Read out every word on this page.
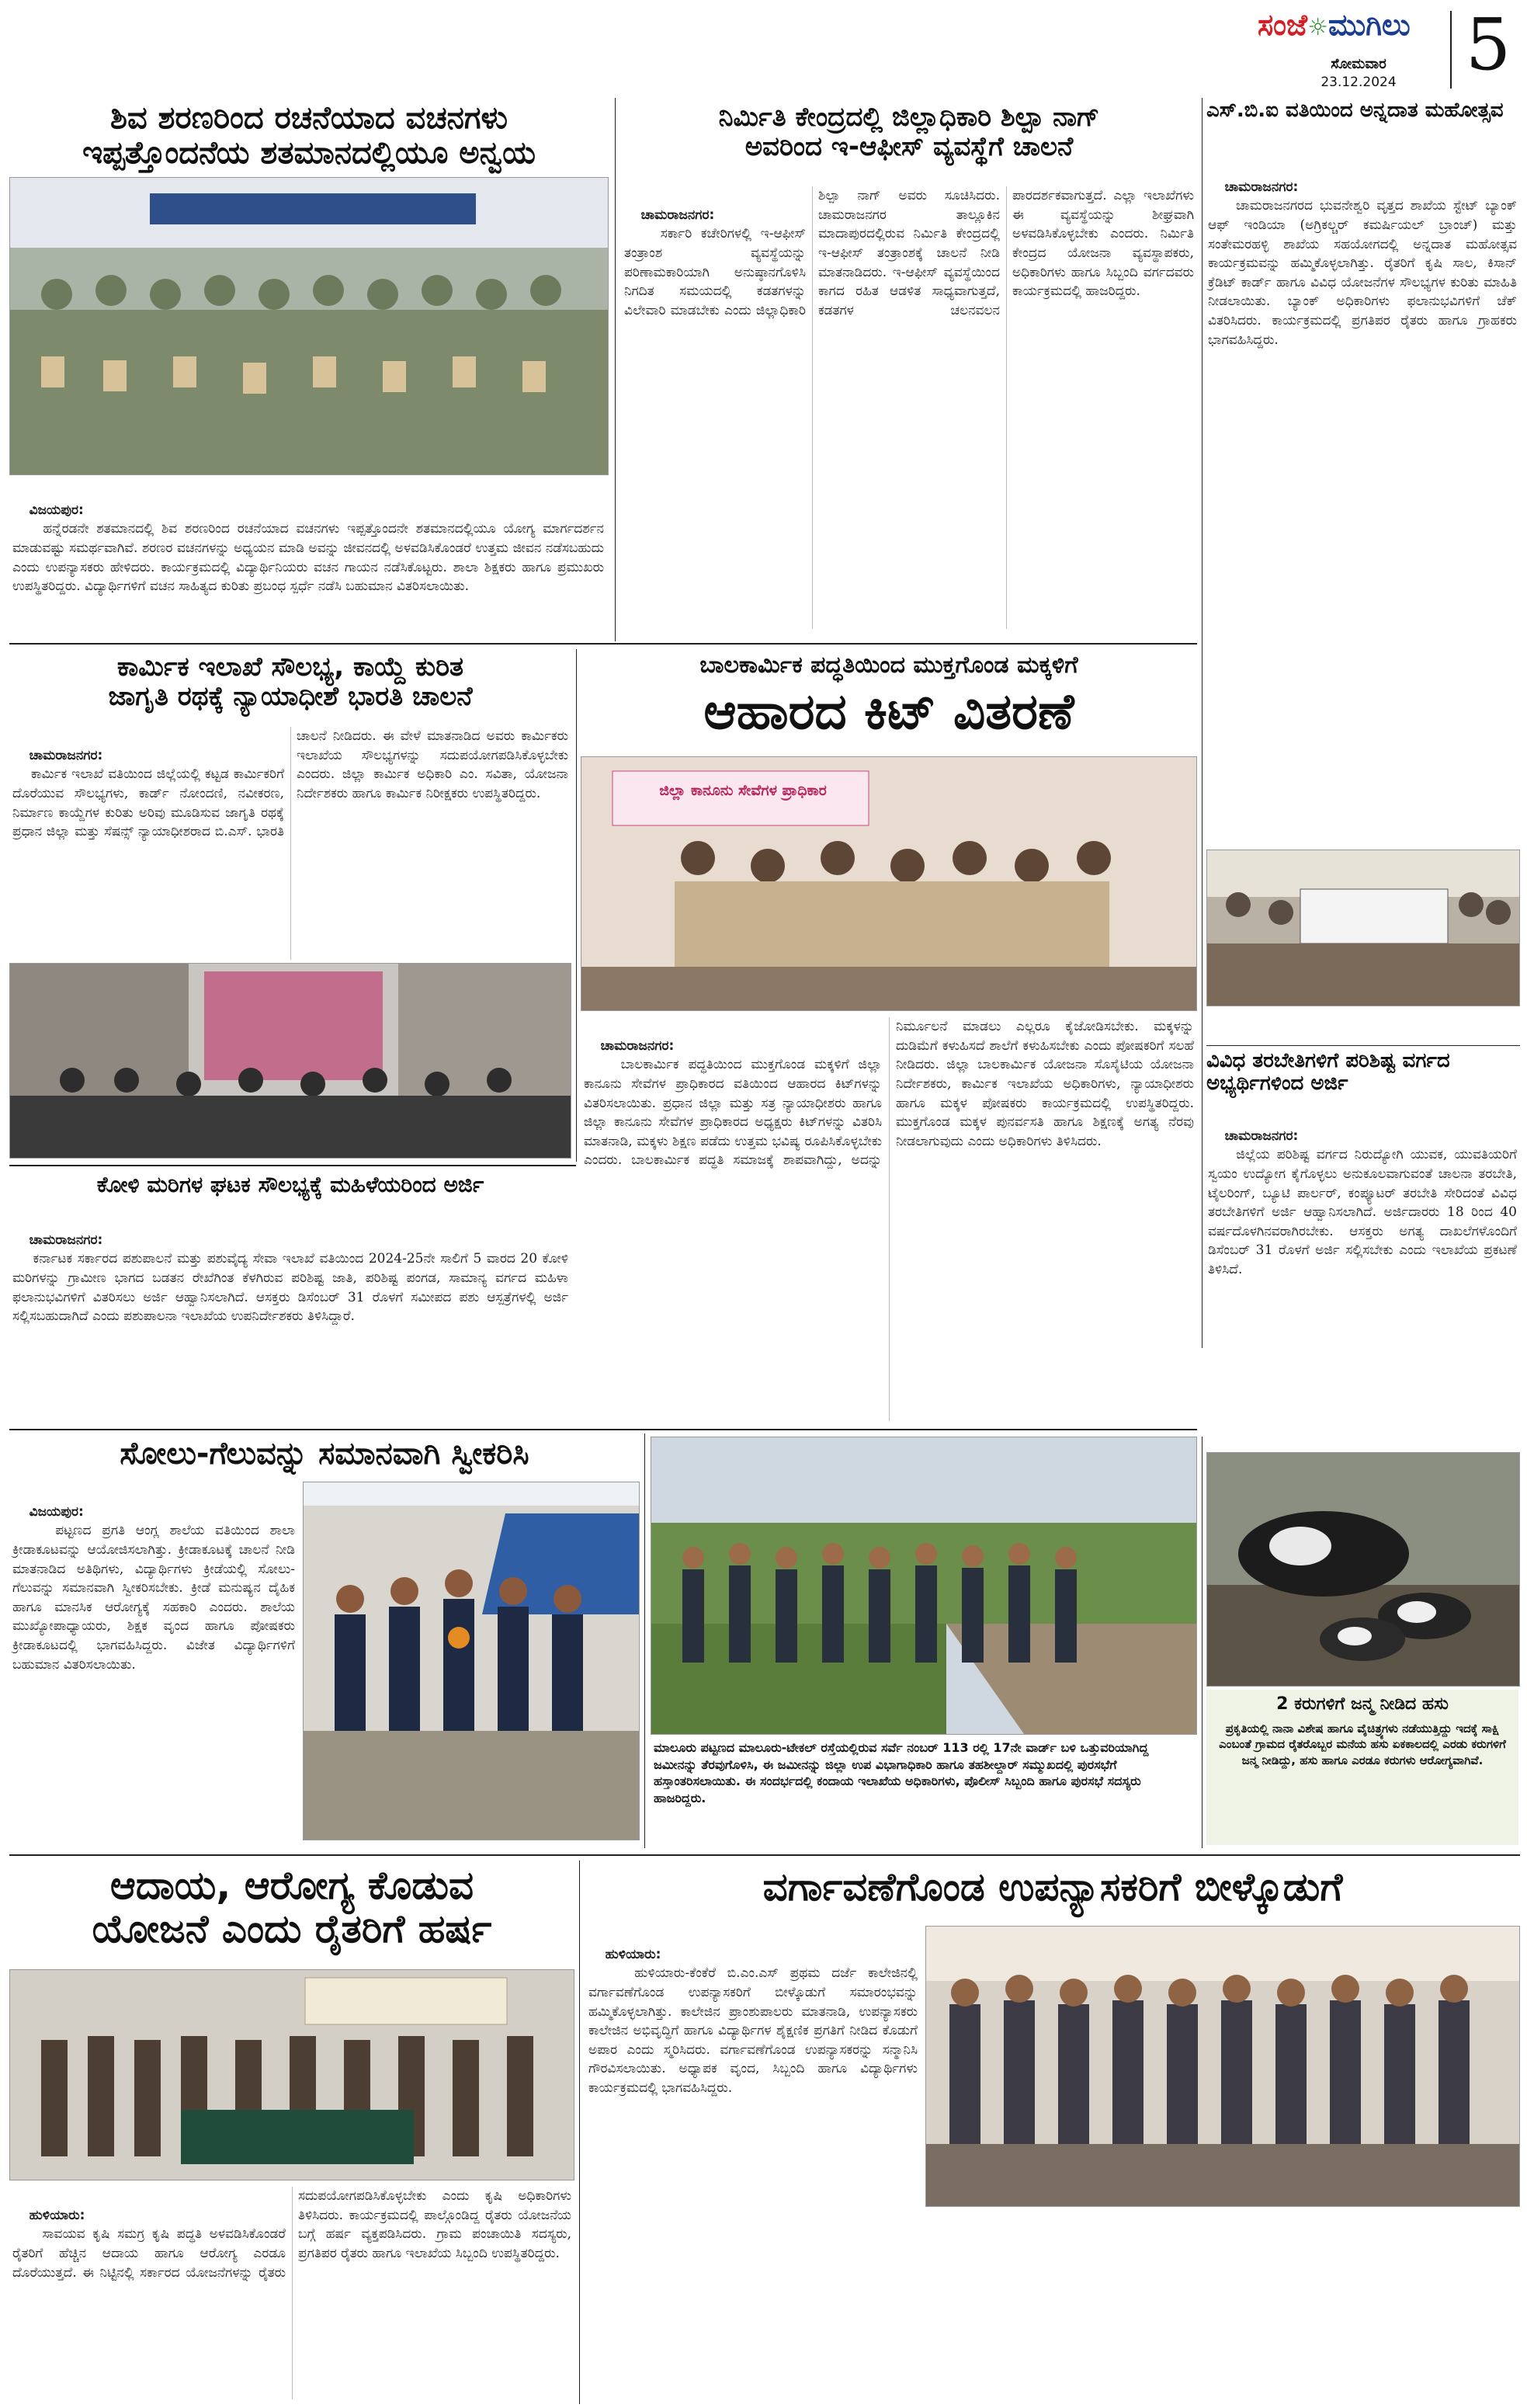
ಸಂಜೆ☼ಮುಗಿಲು
ಸೋಮವಾರ
23.12.2024 5
ಶಿವ ಶರಣರಿಂದ ರಚನೆಯಾದ ವಚನಗಳು
ಇಪ್ಪತ್ತೊಂದನೆಯ ಶತಮಾನದಲ್ಲಿಯೂ ಅನ್ವಯ

ವಿಜಯಪುರ:
ಹನ್ನೆರಡನೇ ಶತಮಾನದಲ್ಲಿ ಶಿವ ಶರಣರಿಂದ ರಚನೆಯಾದ ವಚನಗಳು ಇಪ್ಪತ್ತೊಂದನೇ ಶತಮಾನದಲ್ಲಿಯೂ ಯೋಗ್ಯ ಮಾರ್ಗದರ್ಶನ ಮಾಡುವಷ್ಟು ಸಮರ್ಥವಾಗಿವೆ. ಶರಣರ ವಚನಗಳನ್ನು ಅಧ್ಯಯನ ಮಾಡಿ ಅವನ್ನು ಜೀವನದಲ್ಲಿ ಅಳವಡಿಸಿಕೊಂಡರೆ ಉತ್ತಮ ಜೀವನ ನಡೆಸಬಹುದು ಎಂದು ಉಪನ್ಯಾಸಕರು ಹೇಳಿದರು. ಕಾರ್ಯಕ್ರಮದಲ್ಲಿ ವಿದ್ಯಾರ್ಥಿನಿಯರು ವಚನ ಗಾಯನ ನಡೆಸಿಕೊಟ್ಟರು. ಶಾಲಾ ಶಿಕ್ಷಕರು ಹಾಗೂ ಪ್ರಮುಖರು ಉಪಸ್ಥಿತರಿದ್ದರು. ವಿದ್ಯಾರ್ಥಿಗಳಿಗೆ ವಚನ ಸಾಹಿತ್ಯದ ಕುರಿತು ಪ್ರಬಂಧ ಸ್ಪರ್ಧೆ ನಡೆಸಿ ಬಹುಮಾನ ವಿತರಿಸಲಾಯಿತು.

ನಿರ್ಮಿತಿ ಕೇಂದ್ರದಲ್ಲಿ ಜಿಲ್ಲಾಧಿಕಾರಿ ಶಿಲ್ಪಾ ನಾಗ್
ಅವರಿಂದ ಇ-ಆಫೀಸ್ ವ್ಯವಸ್ಥೆಗೆ ಚಾಲನೆ

ಚಾಮರಾಜನಗರ:
ಸರ್ಕಾರಿ ಕಚೇರಿಗಳಲ್ಲಿ ಇ-ಆಫೀಸ್ ತಂತ್ರಾಂಶ ವ್ಯವಸ್ಥೆಯನ್ನು ಪರಿಣಾಮಕಾರಿಯಾಗಿ ಅನುಷ್ಠಾನಗೊಳಿಸಿ ನಿಗದಿತ ಸಮಯದಲ್ಲಿ ಕಡತಗಳನ್ನು ವಿಲೇವಾರಿ ಮಾಡಬೇಕು ಎಂದು ಜಿಲ್ಲಾಧಿಕಾರಿ ಶಿಲ್ಪಾ ನಾಗ್ ಅವರು ಸೂಚಿಸಿದರು. ಚಾಮರಾಜನಗರ ತಾಲ್ಲೂಕಿನ ಮಾದಾಪುರದಲ್ಲಿರುವ ನಿರ್ಮಿತಿ ಕೇಂದ್ರದಲ್ಲಿ ಇ-ಆಫೀಸ್ ತಂತ್ರಾಂಶಕ್ಕೆ ಚಾಲನೆ ನೀಡಿ ಮಾತನಾಡಿದರು. ಇ-ಆಫೀಸ್ ವ್ಯವಸ್ಥೆಯಿಂದ ಕಾಗದ ರಹಿತ ಆಡಳಿತ ಸಾಧ್ಯವಾಗುತ್ತದೆ, ಕಡತಗಳ ಚಲನವಲನ ಪಾರದರ್ಶಕವಾಗುತ್ತದೆ. ಎಲ್ಲಾ ಇಲಾಖೆಗಳು ಈ ವ್ಯವಸ್ಥೆಯನ್ನು ಶೀಘ್ರವಾಗಿ ಅಳವಡಿಸಿಕೊಳ್ಳಬೇಕು ಎಂದರು. ನಿರ್ಮಿತಿ ಕೇಂದ್ರದ ಯೋಜನಾ ವ್ಯವಸ್ಥಾಪಕರು, ಅಧಿಕಾರಿಗಳು ಹಾಗೂ ಸಿಬ್ಬಂದಿ ವರ್ಗದವರು ಕಾರ್ಯಕ್ರಮದಲ್ಲಿ ಹಾಜರಿದ್ದರು.

ಎಸ್.ಬಿ.ಐ ವತಿಯಿಂದ ಅನ್ನದಾತ ಮಹೋತ್ಸವ

ಚಾಮರಾಜನಗರ:
ಚಾಮರಾಜನಗರದ ಭುವನೇಶ್ವರಿ ವೃತ್ತದ ಶಾಖೆಯ ಸ್ಟೇಟ್ ಬ್ಯಾಂಕ್ ಆಫ್ ಇಂಡಿಯಾ (ಅಗ್ರಿಕಲ್ಚರ್ ಕಮರ್ಷಿಯಲ್ ಬ್ರಾಂಚ್) ಮತ್ತು ಸಂತೇಮರಹಳ್ಳಿ ಶಾಖೆಯ ಸಹಯೋಗದಲ್ಲಿ ಅನ್ನದಾತ ಮಹೋತ್ಸವ ಕಾರ್ಯಕ್ರಮವನ್ನು ಹಮ್ಮಿಕೊಳ್ಳಲಾಗಿತ್ತು. ರೈತರಿಗೆ ಕೃಷಿ ಸಾಲ, ಕಿಸಾನ್ ಕ್ರೆಡಿಟ್ ಕಾರ್ಡ್ ಹಾಗೂ ವಿವಿಧ ಯೋಜನೆಗಳ ಸೌಲಭ್ಯಗಳ ಕುರಿತು ಮಾಹಿತಿ ನೀಡಲಾಯಿತು. ಬ್ಯಾಂಕ್ ಅಧಿಕಾರಿಗಳು ಫಲಾನುಭವಿಗಳಿಗೆ ಚೆಕ್ ವಿತರಿಸಿದರು. ಕಾರ್ಯಕ್ರಮದಲ್ಲಿ ಪ್ರಗತಿಪರ ರೈತರು ಹಾಗೂ ಗ್ರಾಹಕರು ಭಾಗವಹಿಸಿದ್ದರು.

ವಿವಿಧ ತರಬೇತಿಗಳಿಗೆ ಪರಿಶಿಷ್ಟ ವರ್ಗದ ಅಭ್ಯರ್ಥಿಗಳಿಂದ ಅರ್ಜಿ

ಚಾಮರಾಜನಗರ:
ಜಿಲ್ಲೆಯ ಪರಿಶಿಷ್ಟ ವರ್ಗದ ನಿರುದ್ಯೋಗಿ ಯುವಕ, ಯುವತಿಯರಿಗೆ ಸ್ವಯಂ ಉದ್ಯೋಗ ಕೈಗೊಳ್ಳಲು ಅನುಕೂಲವಾಗುವಂತೆ ಚಾಲನಾ ತರಬೇತಿ, ಟೈಲರಿಂಗ್, ಬ್ಯೂಟಿ ಪಾರ್ಲರ್, ಕಂಪ್ಯೂಟರ್ ತರಬೇತಿ ಸೇರಿದಂತೆ ವಿವಿಧ ತರಬೇತಿಗಳಿಗೆ ಅರ್ಜಿ ಆಹ್ವಾನಿಸಲಾಗಿದೆ. ಅರ್ಜಿದಾರರು 18 ರಿಂದ 40 ವರ್ಷದೊಳಗಿನವರಾಗಿರಬೇಕು. ಆಸಕ್ತರು ಅಗತ್ಯ ದಾಖಲೆಗಳೊಂದಿಗೆ ಡಿಸೆಂಬರ್ 31 ರೊಳಗೆ ಅರ್ಜಿ ಸಲ್ಲಿಸಬೇಕು ಎಂದು ಇಲಾಖೆಯ ಪ್ರಕಟಣೆ ತಿಳಿಸಿದೆ.

ಕಾರ್ಮಿಕ ಇಲಾಖೆ ಸೌಲಭ್ಯ, ಕಾಯ್ದೆ ಕುರಿತ
ಜಾಗೃತಿ ರಥಕ್ಕೆ ನ್ಯಾಯಾಧೀಶೆ ಭಾರತಿ ಚಾಲನೆ

ಚಾಮರಾಜನಗರ:
ಕಾರ್ಮಿಕ ಇಲಾಖೆ ವತಿಯಿಂದ ಜಿಲ್ಲೆಯಲ್ಲಿ ಕಟ್ಟಡ ಕಾರ್ಮಿಕರಿಗೆ ದೊರೆಯುವ ಸೌಲಭ್ಯಗಳು, ಕಾರ್ಡ್ ನೋಂದಣಿ, ನವೀಕರಣ, ನಿರ್ಮಾಣ ಕಾಯ್ದೆಗಳ ಕುರಿತು ಅರಿವು ಮೂಡಿಸುವ ಜಾಗೃತಿ ರಥಕ್ಕೆ ಪ್ರಧಾನ ಜಿಲ್ಲಾ ಮತ್ತು ಸೆಷನ್ಸ್ ನ್ಯಾಯಾಧೀಶರಾದ ಬಿ.ಎಸ್. ಭಾರತಿ ಚಾಲನೆ ನೀಡಿದರು. ಈ ವೇಳೆ ಮಾತನಾಡಿದ ಅವರು ಕಾರ್ಮಿಕರು ಇಲಾಖೆಯ ಸೌಲಭ್ಯಗಳನ್ನು ಸದುಪಯೋಗಪಡಿಸಿಕೊಳ್ಳಬೇಕು ಎಂದರು. ಜಿಲ್ಲಾ ಕಾರ್ಮಿಕ ಅಧಿಕಾರಿ ಎಂ. ಸವಿತಾ, ಯೋಜನಾ ನಿರ್ದೇಶಕರು ಹಾಗೂ ಕಾರ್ಮಿಕ ನಿರೀಕ್ಷಕರು ಉಪಸ್ಥಿತರಿದ್ದರು.

ಬಾಲಕಾರ್ಮಿಕ ಪದ್ಧತಿಯಿಂದ ಮುಕ್ತಗೊಂಡ ಮಕ್ಕಳಿಗೆ
ಆಹಾರದ ಕಿಟ್ ವಿತರಣೆ
ಜಿಲ್ಲಾ ಕಾನೂನು ಸೇವೆಗಳ ಪ್ರಾಧಿಕಾರ

ಚಾಮರಾಜನಗರ:
ಬಾಲಕಾರ್ಮಿಕ ಪದ್ಧತಿಯಿಂದ ಮುಕ್ತಗೊಂಡ ಮಕ್ಕಳಿಗೆ ಜಿಲ್ಲಾ ಕಾನೂನು ಸೇವೆಗಳ ಪ್ರಾಧಿಕಾರದ ವತಿಯಿಂದ ಆಹಾರದ ಕಿಟ್‌ಗಳನ್ನು ವಿತರಿಸಲಾಯಿತು. ಪ್ರಧಾನ ಜಿಲ್ಲಾ ಮತ್ತು ಸತ್ರ ನ್ಯಾಯಾಧೀಶರು ಹಾಗೂ ಜಿಲ್ಲಾ ಕಾನೂನು ಸೇವೆಗಳ ಪ್ರಾಧಿಕಾರದ ಅಧ್ಯಕ್ಷರು ಕಿಟ್‌ಗಳನ್ನು ವಿತರಿಸಿ ಮಾತನಾಡಿ, ಮಕ್ಕಳು ಶಿಕ್ಷಣ ಪಡೆದು ಉತ್ತಮ ಭವಿಷ್ಯ ರೂಪಿಸಿಕೊಳ್ಳಬೇಕು ಎಂದರು. ಬಾಲಕಾರ್ಮಿಕ ಪದ್ಧತಿ ಸಮಾಜಕ್ಕೆ ಶಾಪವಾಗಿದ್ದು, ಅದನ್ನು ನಿರ್ಮೂಲನೆ ಮಾಡಲು ಎಲ್ಲರೂ ಕೈಜೋಡಿಸಬೇಕು. ಮಕ್ಕಳನ್ನು ದುಡಿಮೆಗೆ ಕಳುಹಿಸದೆ ಶಾಲೆಗೆ ಕಳುಹಿಸಬೇಕು ಎಂದು ಪೋಷಕರಿಗೆ ಸಲಹೆ ನೀಡಿದರು. ಜಿಲ್ಲಾ ಬಾಲಕಾರ್ಮಿಕ ಯೋಜನಾ ಸೊಸೈಟಿಯ ಯೋಜನಾ ನಿರ್ದೇಶಕರು, ಕಾರ್ಮಿಕ ಇಲಾಖೆಯ ಅಧಿಕಾರಿಗಳು, ನ್ಯಾಯಾಧೀಶರು ಹಾಗೂ ಮಕ್ಕಳ ಪೋಷಕರು ಕಾರ್ಯಕ್ರಮದಲ್ಲಿ ಉಪಸ್ಥಿತರಿದ್ದರು. ಮುಕ್ತಗೊಂಡ ಮಕ್ಕಳ ಪುನರ್ವಸತಿ ಹಾಗೂ ಶಿಕ್ಷಣಕ್ಕೆ ಅಗತ್ಯ ನೆರವು ನೀಡಲಾಗುವುದು ಎಂದು ಅಧಿಕಾರಿಗಳು ತಿಳಿಸಿದರು.

ಕೋಳಿ ಮರಿಗಳ ಘಟಕ ಸೌಲಭ್ಯಕ್ಕೆ ಮಹಿಳೆಯರಿಂದ ಅರ್ಜಿ

ಚಾಮರಾಜನಗರ:
ಕರ್ನಾಟಕ ಸರ್ಕಾರದ ಪಶುಪಾಲನೆ ಮತ್ತು ಪಶುವೈದ್ಯ ಸೇವಾ ಇಲಾಖೆ ವತಿಯಿಂದ 2024-25ನೇ ಸಾಲಿಗೆ 5 ವಾರದ 20 ಕೋಳಿ ಮರಿಗಳನ್ನು ಗ್ರಾಮೀಣ ಭಾಗದ ಬಡತನ ರೇಖೆಗಿಂತ ಕೆಳಗಿರುವ ಪರಿಶಿಷ್ಟ ಜಾತಿ, ಪರಿಶಿಷ್ಟ ಪಂಗಡ, ಸಾಮಾನ್ಯ ವರ್ಗದ ಮಹಿಳಾ ಫಲಾನುಭವಿಗಳಿಗೆ ವಿತರಿಸಲು ಅರ್ಜಿ ಆಹ್ವಾನಿಸಲಾಗಿದೆ. ಆಸಕ್ತರು ಡಿಸೆಂಬರ್ 31 ರೊಳಗೆ ಸಮೀಪದ ಪಶು ಆಸ್ಪತ್ರೆಗಳಲ್ಲಿ ಅರ್ಜಿ ಸಲ್ಲಿಸಬಹುದಾಗಿದೆ ಎಂದು ಪಶುಪಾಲನಾ ಇಲಾಖೆಯ ಉಪನಿರ್ದೇಶಕರು ತಿಳಿಸಿದ್ದಾರೆ.

ಸೋಲು-ಗೆಲುವನ್ನು ಸಮಾನವಾಗಿ ಸ್ವೀಕರಿಸಿ

ವಿಜಯಪುರ:
ಪಟ್ಟಣದ ಪ್ರಗತಿ ಆಂಗ್ಲ ಶಾಲೆಯ ವತಿಯಿಂದ ಶಾಲಾ ಕ್ರೀಡಾಕೂಟವನ್ನು ಆಯೋಜಿಸಲಾಗಿತ್ತು. ಕ್ರೀಡಾಕೂಟಕ್ಕೆ ಚಾಲನೆ ನೀಡಿ ಮಾತನಾಡಿದ ಅತಿಥಿಗಳು, ವಿದ್ಯಾರ್ಥಿಗಳು ಕ್ರೀಡೆಯಲ್ಲಿ ಸೋಲು-ಗೆಲುವನ್ನು ಸಮಾನವಾಗಿ ಸ್ವೀಕರಿಸಬೇಕು. ಕ್ರೀಡೆ ಮನುಷ್ಯನ ದೈಹಿಕ ಹಾಗೂ ಮಾನಸಿಕ ಆರೋಗ್ಯಕ್ಕೆ ಸಹಕಾರಿ ಎಂದರು. ಶಾಲೆಯ ಮುಖ್ಯೋಪಾಧ್ಯಾಯರು, ಶಿಕ್ಷಕ ವೃಂದ ಹಾಗೂ ಪೋಷಕರು ಕ್ರೀಡಾಕೂಟದಲ್ಲಿ ಭಾಗವಹಿಸಿದ್ದರು. ವಿಜೇತ ವಿದ್ಯಾರ್ಥಿಗಳಿಗೆ ಬಹುಮಾನ ವಿತರಿಸಲಾಯಿತು.

ಮಾಲೂರು ಪಟ್ಟಣದ ಮಾಲೂರು-ಟೇಕಲ್ ರಸ್ತೆಯಲ್ಲಿರುವ ಸರ್ವೆ ನಂಬರ್ 113 ರಲ್ಲಿ 17ನೇ ವಾರ್ಡ್ ಬಳಿ ಒತ್ತುವರಿಯಾಗಿದ್ದ ಜಮೀನನ್ನು ತೆರವುಗೊಳಿಸಿ, ಈ ಜಮೀನನ್ನು ಜಿಲ್ಲಾ ಉಪ ವಿಭಾಗಾಧಿಕಾರಿ ಹಾಗೂ ತಹಶೀಲ್ದಾರ್ ಸಮ್ಮುಖದಲ್ಲಿ ಪುರಸಭೆಗೆ ಹಸ್ತಾಂತರಿಸಲಾಯಿತು. ಈ ಸಂದರ್ಭದಲ್ಲಿ ಕಂದಾಯ ಇಲಾಖೆಯ ಅಧಿಕಾರಿಗಳು, ಪೊಲೀಸ್ ಸಿಬ್ಬಂದಿ ಹಾಗೂ ಪುರಸಭೆ ಸದಸ್ಯರು ಹಾಜರಿದ್ದರು.
2 ಕರುಗಳಿಗೆ ಜನ್ಮ ನೀಡಿದ ಹಸು
ಪ್ರಕೃತಿಯಲ್ಲಿ ನಾನಾ ವಿಶೇಷ ಹಾಗೂ ವೈಚಿತ್ರ್ಯಗಳು ನಡೆಯುತ್ತಿದ್ದು ಇದಕ್ಕೆ ಸಾಕ್ಷಿ ಎಂಬಂತೆ ಗ್ರಾಮದ ರೈತರೊಬ್ಬರ ಮನೆಯ ಹಸು ಏಕಕಾಲದಲ್ಲಿ ಎರಡು ಕರುಗಳಿಗೆ ಜನ್ಮ ನೀಡಿದ್ದು, ಹಸು ಹಾಗೂ ಎರಡೂ ಕರುಗಳು ಆರೋಗ್ಯವಾಗಿವೆ.
ಆದಾಯ, ಆರೋಗ್ಯ ಕೊಡುವ
ಯೋಜನೆ ಎಂದು ರೈತರಿಗೆ ಹರ್ಷ

ಹುಳಿಯಾರು:
ಸಾವಯವ ಕೃಷಿ ಸಮಗ್ರ ಕೃಷಿ ಪದ್ಧತಿ ಅಳವಡಿಸಿಕೊಂಡರೆ ರೈತರಿಗೆ ಹೆಚ್ಚಿನ ಆದಾಯ ಹಾಗೂ ಆರೋಗ್ಯ ಎರಡೂ ದೊರೆಯುತ್ತದೆ. ಈ ನಿಟ್ಟಿನಲ್ಲಿ ಸರ್ಕಾರದ ಯೋಜನೆಗಳನ್ನು ರೈತರು ಸದುಪಯೋಗಪಡಿಸಿಕೊಳ್ಳಬೇಕು ಎಂದು ಕೃಷಿ ಅಧಿಕಾರಿಗಳು ತಿಳಿಸಿದರು. ಕಾರ್ಯಕ್ರಮದಲ್ಲಿ ಪಾಲ್ಗೊಂಡಿದ್ದ ರೈತರು ಯೋಜನೆಯ ಬಗ್ಗೆ ಹರ್ಷ ವ್ಯಕ್ತಪಡಿಸಿದರು. ಗ್ರಾಮ ಪಂಚಾಯಿತಿ ಸದಸ್ಯರು, ಪ್ರಗತಿಪರ ರೈತರು ಹಾಗೂ ಇಲಾಖೆಯ ಸಿಬ್ಬಂದಿ ಉಪಸ್ಥಿತರಿದ್ದರು.

ವರ್ಗಾವಣೆಗೊಂಡ ಉಪನ್ಯಾಸಕರಿಗೆ ಬೀಳ್ಕೊಡುಗೆ

ಹುಳಿಯಾರು:
ಹುಳಿಯಾರು-ಕೆಂಕೆರೆ ಬಿ.ಎಂ.ಎಸ್ ಪ್ರಥಮ ದರ್ಜೆ ಕಾಲೇಜಿನಲ್ಲಿ ವರ್ಗಾವಣೆಗೊಂಡ ಉಪನ್ಯಾಸಕರಿಗೆ ಬೀಳ್ಕೊಡುಗೆ ಸಮಾರಂಭವನ್ನು ಹಮ್ಮಿಕೊಳ್ಳಲಾಗಿತ್ತು. ಕಾಲೇಜಿನ ಪ್ರಾಂಶುಪಾಲರು ಮಾತನಾಡಿ, ಉಪನ್ಯಾಸಕರು ಕಾಲೇಜಿನ ಅಭಿವೃದ್ಧಿಗೆ ಹಾಗೂ ವಿದ್ಯಾರ್ಥಿಗಳ ಶೈಕ್ಷಣಿಕ ಪ್ರಗತಿಗೆ ನೀಡಿದ ಕೊಡುಗೆ ಅಪಾರ ಎಂದು ಸ್ಮರಿಸಿದರು. ವರ್ಗಾವಣೆಗೊಂಡ ಉಪನ್ಯಾಸಕರನ್ನು ಸನ್ಮಾನಿಸಿ ಗೌರವಿಸಲಾಯಿತು. ಅಧ್ಯಾಪಕ ವೃಂದ, ಸಿಬ್ಬಂದಿ ಹಾಗೂ ವಿದ್ಯಾರ್ಥಿಗಳು ಕಾರ್ಯಕ್ರಮದಲ್ಲಿ ಭಾಗವಹಿಸಿದ್ದರು.
